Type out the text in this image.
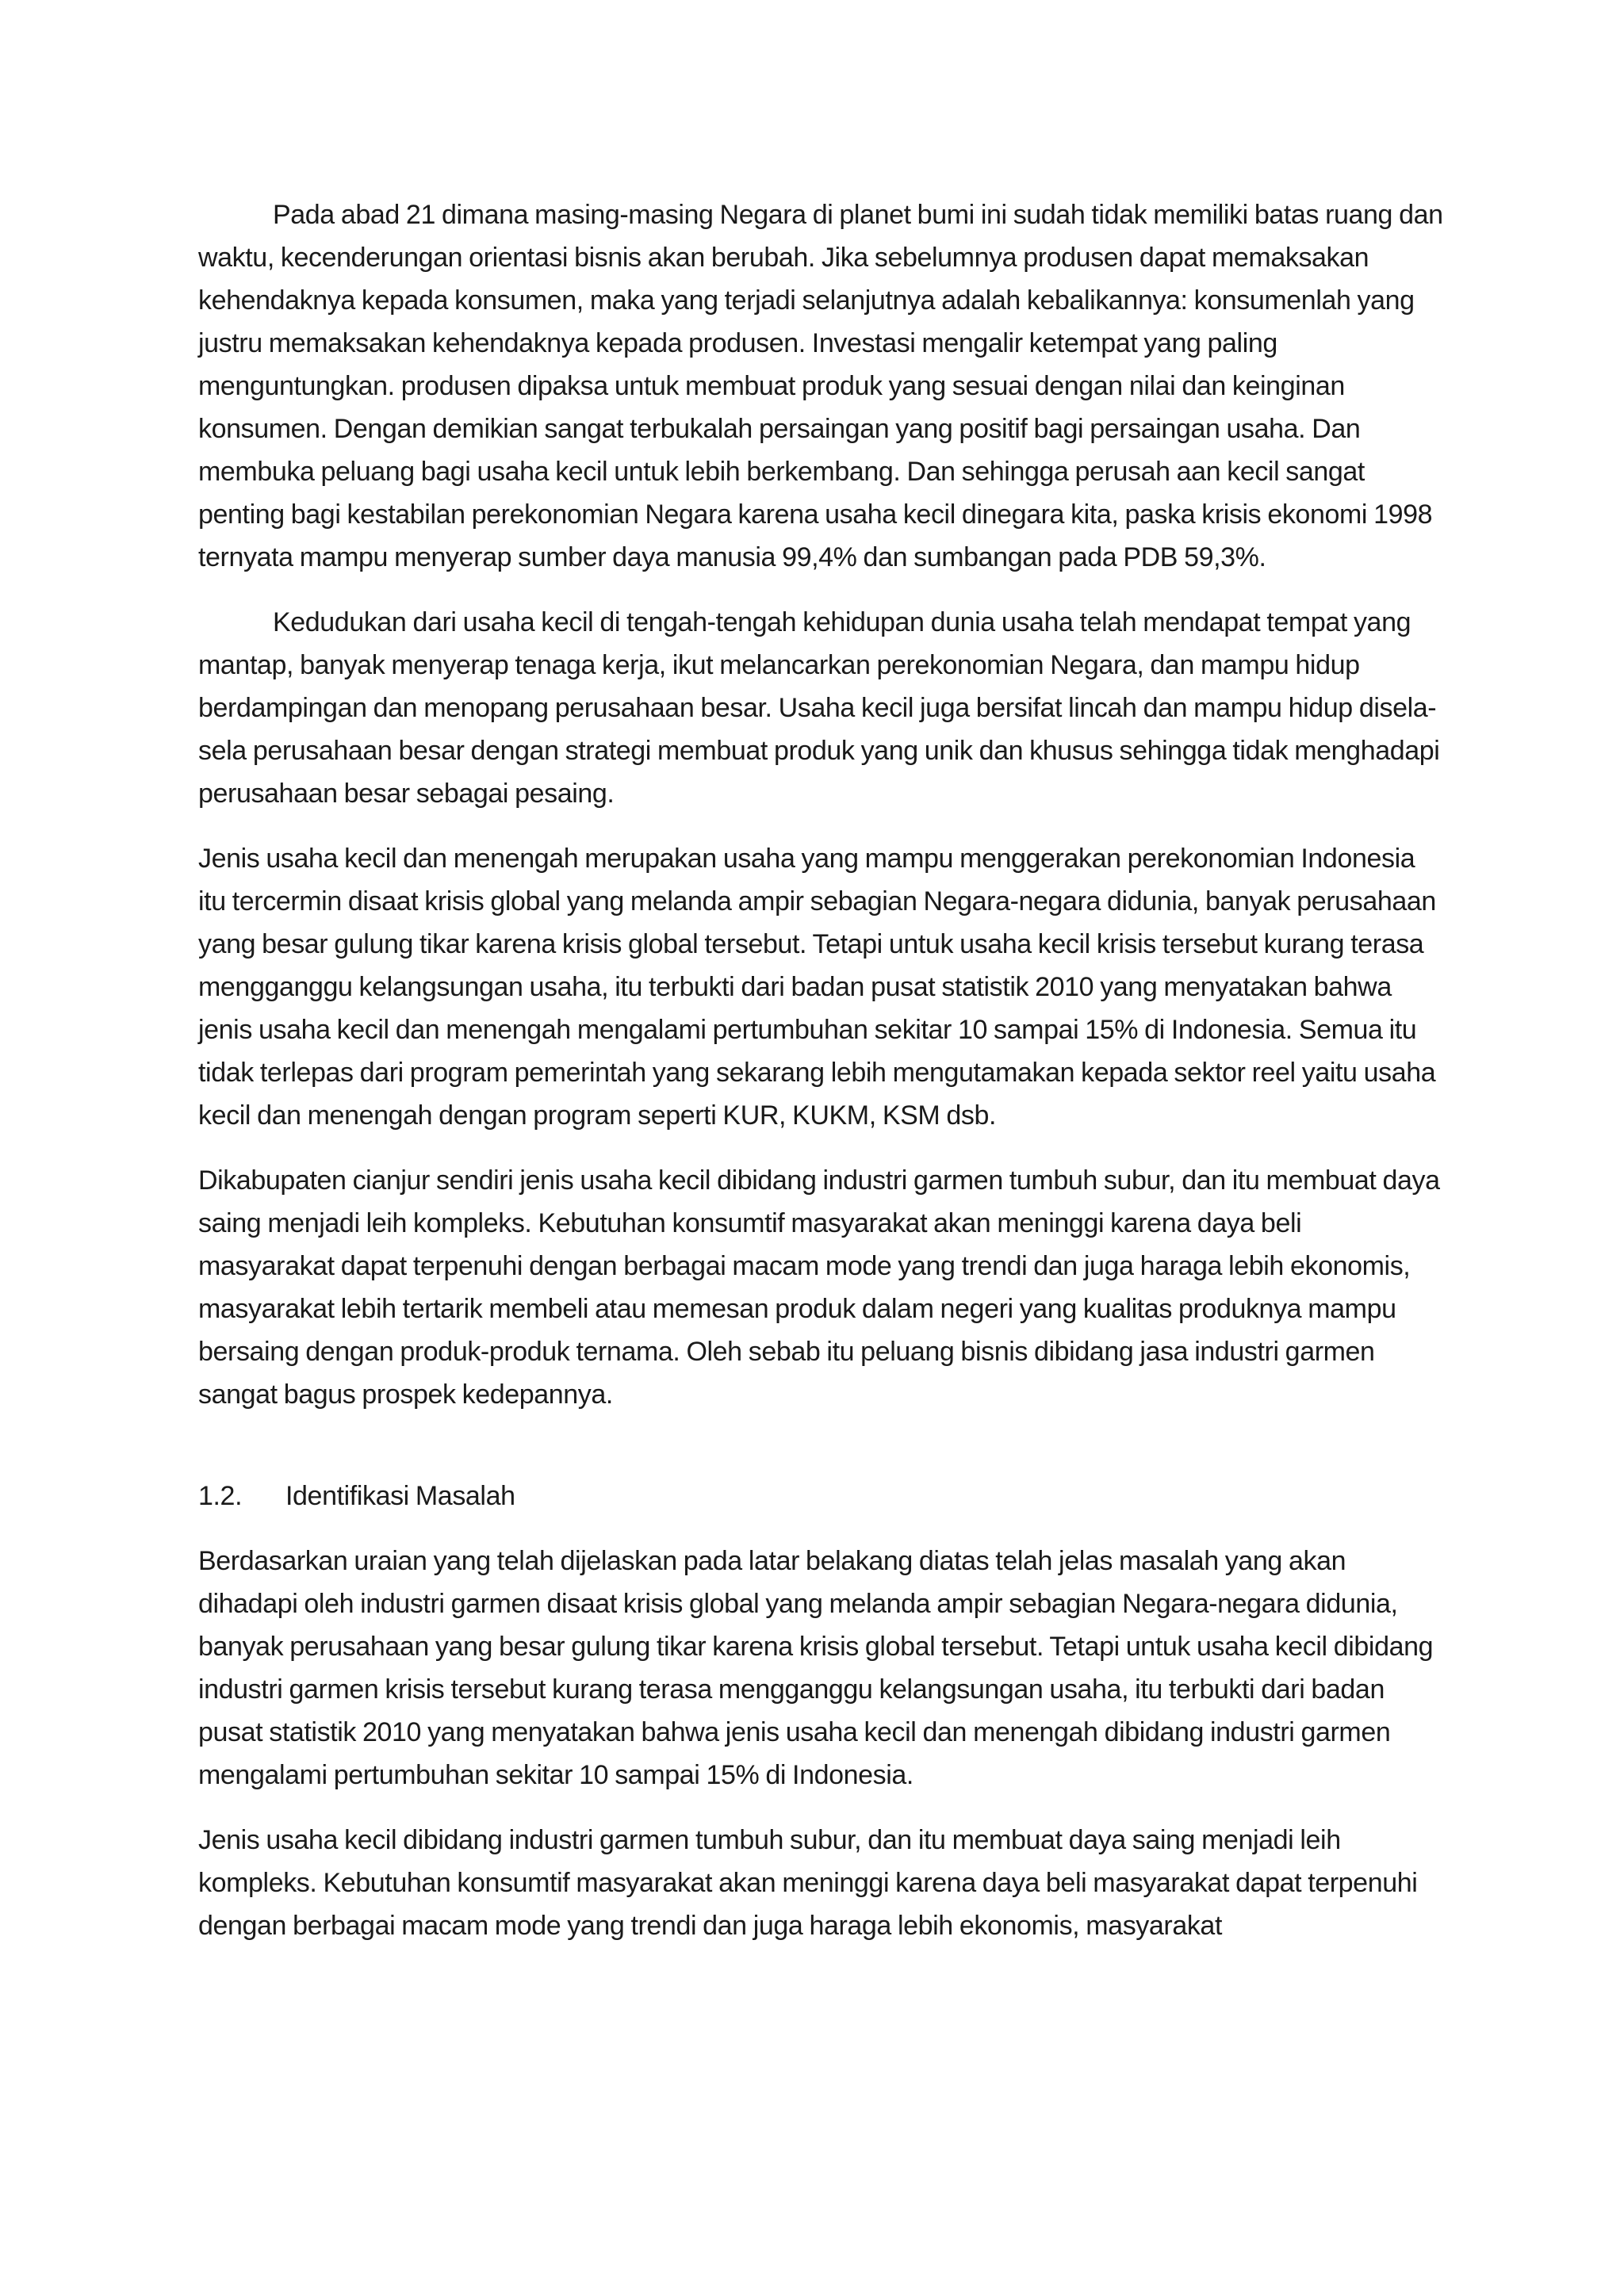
Pada abad 21 dimana masing-masing Negara di planet bumi ini sudah tidak memiliki batas ruang dan waktu, kecenderungan orientasi bisnis akan berubah. Jika sebelumnya produsen dapat memaksakan kehendaknya kepada konsumen, maka yang terjadi selanjutnya adalah kebalikannya: konsumenlah yang justru memaksakan kehendaknya kepada produsen. Investasi mengalir ketempat yang paling menguntungkan. produsen dipaksa untuk membuat produk yang sesuai dengan nilai dan keinginan konsumen. Dengan demikian sangat terbukalah persaingan yang positif bagi persaingan usaha. Dan membuka peluang bagi usaha kecil untuk lebih berkembang. Dan sehingga perusah aan kecil sangat penting bagi kestabilan perekonomian Negara karena usaha kecil dinegara kita, paska krisis ekonomi 1998 ternyata mampu menyerap sumber daya manusia 99,4% dan sumbangan pada PDB 59,3%.

Kedudukan dari usaha kecil di tengah-tengah kehidupan dunia usaha telah mendapat tempat yang mantap, banyak menyerap tenaga kerja, ikut melancarkan perekonomian Negara, dan mampu hidup berdampingan dan menopang perusahaan besar. Usaha kecil juga bersifat lincah dan mampu hidup disela-sela perusahaan besar dengan strategi membuat produk yang unik dan khusus sehingga tidak menghadapi perusahaan besar sebagai pesaing.

Jenis usaha kecil dan menengah merupakan usaha yang mampu menggerakan perekonomian Indonesia itu tercermin disaat krisis global yang melanda ampir sebagian Negara-negara didunia, banyak perusahaan yang besar gulung tikar karena krisis global tersebut. Tetapi untuk usaha kecil krisis tersebut kurang terasa mengganggu kelangsungan usaha, itu terbukti dari badan pusat statistik 2010 yang menyatakan bahwa jenis usaha kecil dan menengah mengalami pertumbuhan sekitar 10 sampai 15% di Indonesia. Semua itu tidak terlepas dari program pemerintah yang sekarang lebih mengutamakan kepada sektor reel yaitu usaha kecil dan menengah dengan program seperti KUR, KUKM, KSM dsb.

Dikabupaten cianjur sendiri jenis usaha kecil dibidang industri garmen tumbuh subur, dan itu membuat daya saing menjadi leih kompleks. Kebutuhan konsumtif masyarakat akan meninggi karena daya beli masyarakat dapat terpenuhi dengan berbagai macam mode yang trendi dan juga haraga lebih ekonomis, masyarakat lebih tertarik membeli atau memesan produk dalam negeri yang kualitas produknya mampu bersaing dengan produk-produk ternama. Oleh sebab itu peluang bisnis dibidang jasa industri garmen sangat bagus prospek kedepannya.

1.2.	Identifikasi Masalah

Berdasarkan uraian yang telah dijelaskan pada latar belakang diatas telah jelas masalah yang akan dihadapi oleh industri garmen disaat krisis global yang melanda ampir sebagian Negara-negara didunia, banyak perusahaan yang besar gulung tikar karena krisis global tersebut. Tetapi untuk usaha kecil dibidang industri garmen krisis tersebut kurang terasa mengganggu kelangsungan usaha, itu terbukti dari badan pusat statistik 2010 yang menyatakan bahwa jenis usaha kecil dan menengah dibidang industri garmen mengalami pertumbuhan sekitar 10 sampai 15% di Indonesia.

Jenis usaha kecil dibidang industri garmen tumbuh subur, dan itu membuat daya saing menjadi leih kompleks. Kebutuhan konsumtif masyarakat akan meninggi karena daya beli masyarakat dapat terpenuhi dengan berbagai macam mode yang trendi dan juga haraga lebih ekonomis, masyarakat
